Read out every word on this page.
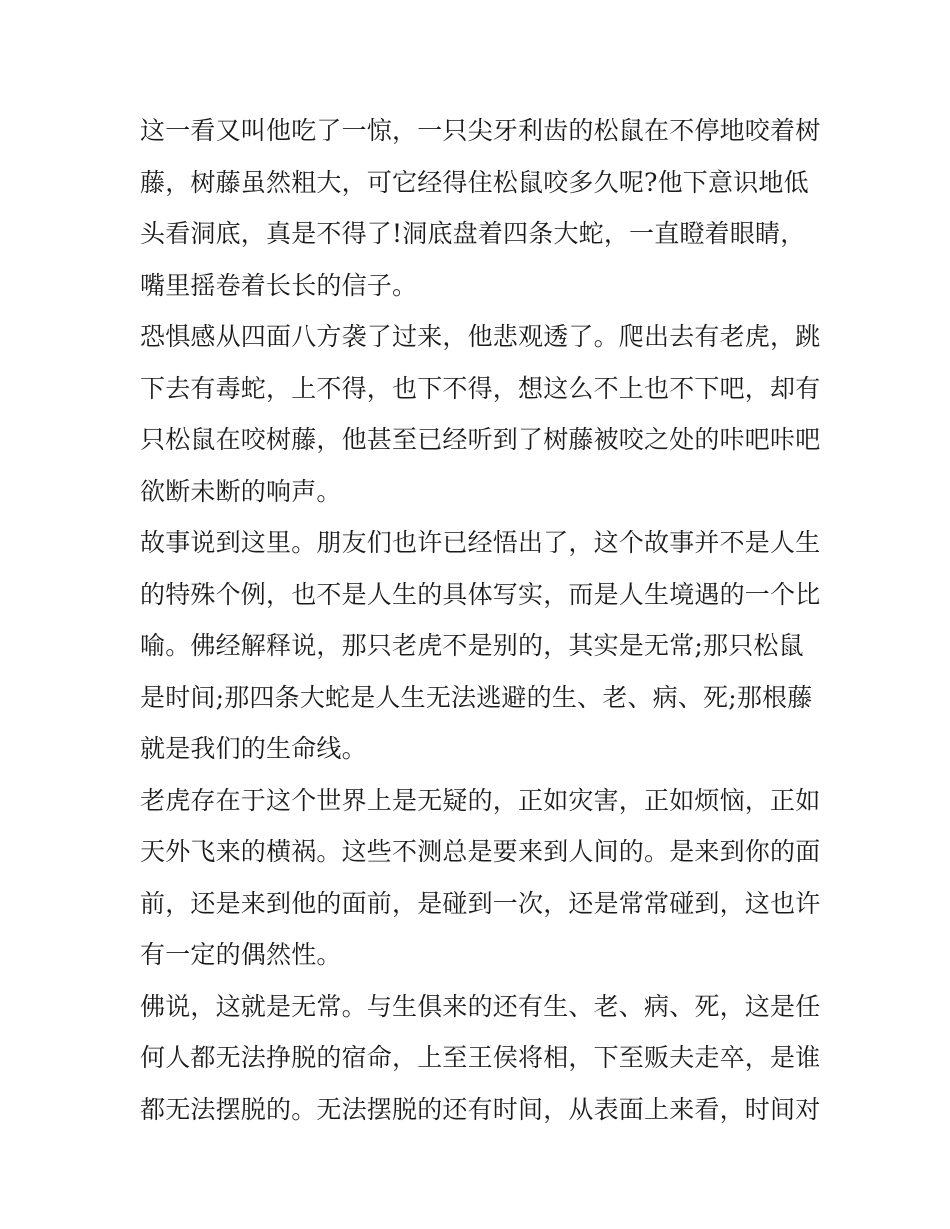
这一看又叫他吃了一惊，一只尖牙利齿的松鼠在不停地咬着树
藤，树藤虽然粗大，可它经得住松鼠咬多久呢?他下意识地低
头看洞底，真是不得了!洞底盘着四条大蛇，一直瞪着眼睛，
嘴里摇卷着长长的信子。
恐惧感从四面八方袭了过来，他悲观透了。爬出去有老虎，跳
下去有毒蛇，上不得，也下不得，想这么不上也不下吧，却有
只松鼠在咬树藤，他甚至已经听到了树藤被咬之处的咔吧咔吧
欲断未断的响声。
故事说到这里。朋友们也许已经悟出了，这个故事并不是人生
的特殊个例，也不是人生的具体写实，而是人生境遇的一个比
喻。佛经解释说，那只老虎不是别的，其实是无常;那只松鼠
是时间;那四条大蛇是人生无法逃避的生、老、病、死;那根藤
就是我们的生命线。
老虎存在于这个世界上是无疑的，正如灾害，正如烦恼，正如
天外飞来的横祸。这些不测总是要来到人间的。是来到你的面
前，还是来到他的面前，是碰到一次，还是常常碰到，这也许
有一定的偶然性。
佛说，这就是无常。与生俱来的还有生、老、病、死，这是任
何人都无法挣脱的宿命，上至王侯将相，下至贩夫走卒，是谁
都无法摆脱的。无法摆脱的还有时间，从表面上来看，时间对
